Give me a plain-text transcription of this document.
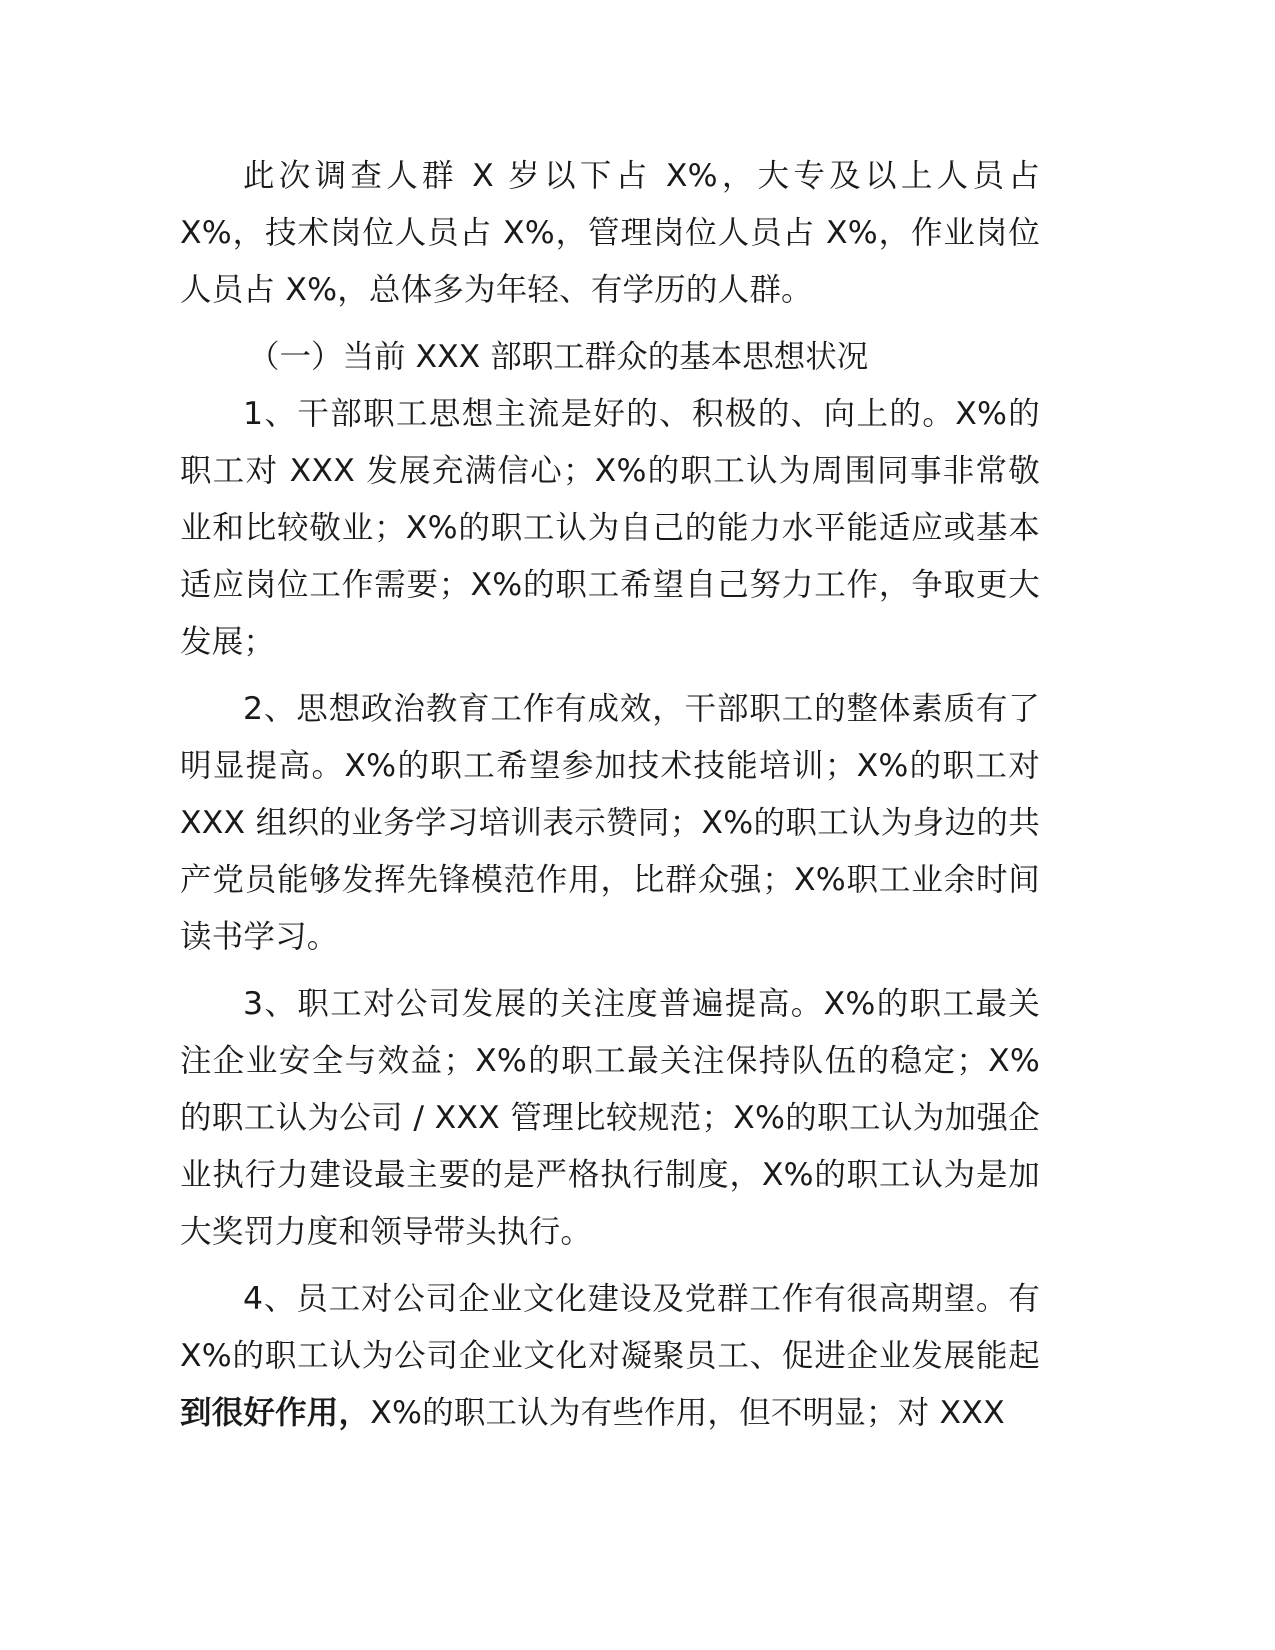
此次调查人群 X 岁以下占 X%，大专及以上人员占 X%，技术岗位人员占 X%，管理岗位人员占 X%，作业岗位人员占 X%，总体多为年轻、有学历的人群。

（一）当前 XXX 部职工群众的基本思想状况

1、干部职工思想主流是好的、积极的、向上的。X%的职工对 XXX 发展充满信心；X%的职工认为周围同事非常敬业和比较敬业；X%的职工认为自己的能力水平能适应或基本适应岗位工作需要；X%的职工希望自己努力工作，争取更大发展；

2、思想政治教育工作有成效，干部职工的整体素质有了明显提高。X%的职工希望参加技术技能培训；X%的职工对 XXX 组织的业务学习培训表示赞同；X%的职工认为身边的共产党员能够发挥先锋模范作用，比群众强；X%职工业余时间读书学习。

3、职工对公司发展的关注度普遍提高。X%的职工最关注企业安全与效益；X%的职工最关注保持队伍的稳定；X%的职工认为公司 / XXX 管理比较规范；X%的职工认为加强企业执行力建设最主要的是严格执行制度，X%的职工认为是加大奖罚力度和领导带头执行。

4、员工对公司企业文化建设及党群工作有很高期望。有 X%的职工认为公司企业文化对凝聚员工、促进企业发展能起到很好作用，X%的职工认为有些作用，但不明显；对 XXX
